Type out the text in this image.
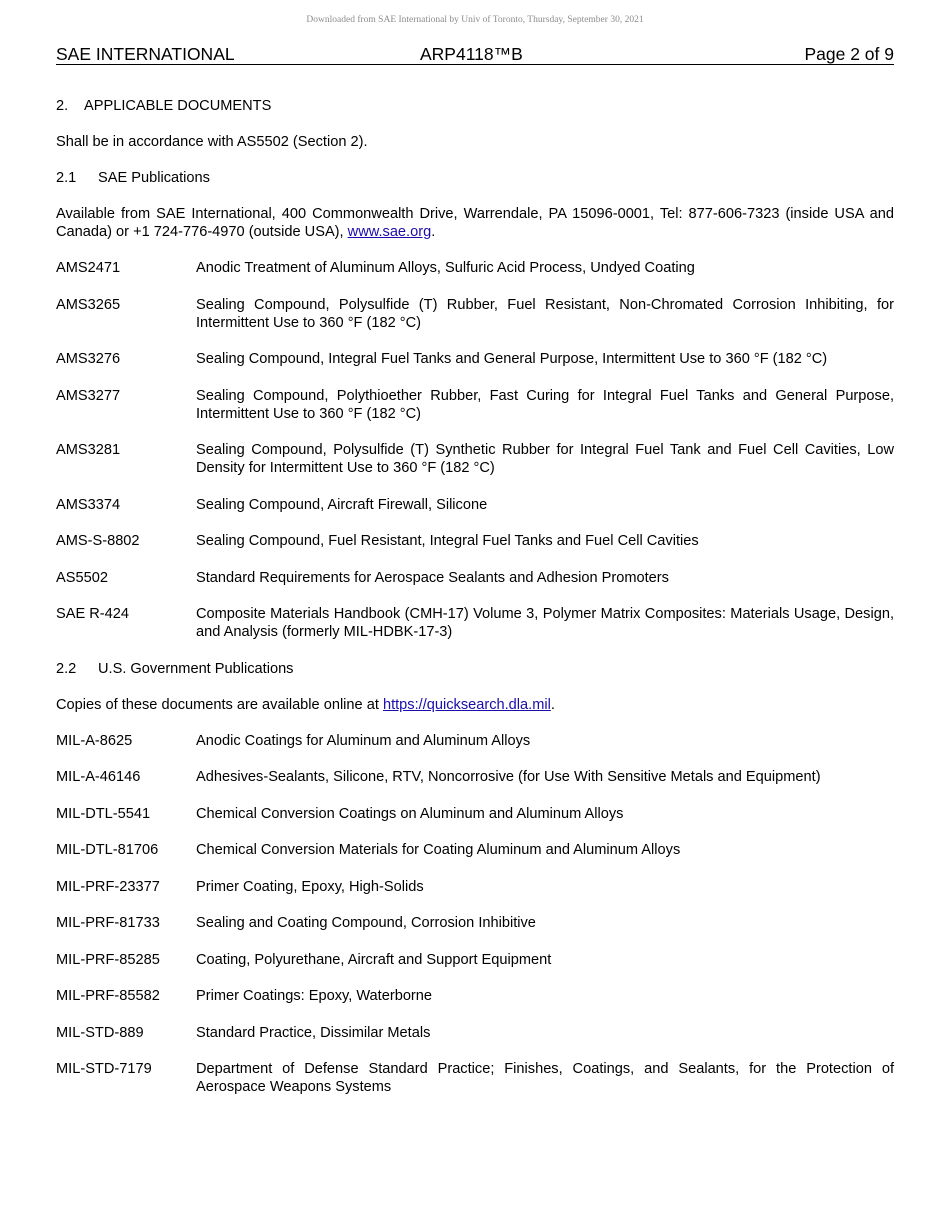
Downloaded from SAE International by Univ of Toronto, Thursday, September 30, 2021
SAE INTERNATIONAL	ARP4118™B	Page 2 of 9
2. APPLICABLE DOCUMENTS

Shall be in accordance with AS5502 (Section 2).

2.1 SAE Publications

Available from SAE International, 400 Commonwealth Drive, Warrendale, PA 15096-0001, Tel: 877-606-7323 (inside USA and Canada) or +1 724-776-4970 (outside USA), www.sae.org.

AMS2471	Anodic Treatment of Aluminum Alloys, Sulfuric Acid Process, Undyed Coating
AMS3265	Sealing Compound, Polysulfide (T) Rubber, Fuel Resistant, Non-Chromated Corrosion Inhibiting, for Intermittent Use to 360 °F (182 °C)
AMS3276	Sealing Compound, Integral Fuel Tanks and General Purpose, Intermittent Use to 360 °F (182 °C)
AMS3277	Sealing Compound, Polythioether Rubber, Fast Curing for Integral Fuel Tanks and General Purpose, Intermittent Use to 360 °F (182 °C)
AMS3281	Sealing Compound, Polysulfide (T) Synthetic Rubber for Integral Fuel Tank and Fuel Cell Cavities, Low Density for Intermittent Use to 360 °F (182 °C)
AMS3374	Sealing Compound, Aircraft Firewall, Silicone
AMS-S-8802	Sealing Compound, Fuel Resistant, Integral Fuel Tanks and Fuel Cell Cavities
AS5502	Standard Requirements for Aerospace Sealants and Adhesion Promoters
SAE R-424	Composite Materials Handbook (CMH-17) Volume 3, Polymer Matrix Composites: Materials Usage, Design, and Analysis (formerly MIL-HDBK-17-3)
2.2 U.S. Government Publications

Copies of these documents are available online at https://quicksearch.dla.mil.

MIL-A-8625	Anodic Coatings for Aluminum and Aluminum Alloys
MIL-A-46146	Adhesives-Sealants, Silicone, RTV, Noncorrosive (for Use With Sensitive Metals and Equipment)
MIL-DTL-5541	Chemical Conversion Coatings on Aluminum and Aluminum Alloys
MIL-DTL-81706	Chemical Conversion Materials for Coating Aluminum and Aluminum Alloys
MIL-PRF-23377	Primer Coating, Epoxy, High-Solids
MIL-PRF-81733	Sealing and Coating Compound, Corrosion Inhibitive
MIL-PRF-85285	Coating, Polyurethane, Aircraft and Support Equipment
MIL-PRF-85582	Primer Coatings: Epoxy, Waterborne
MIL-STD-889	Standard Practice, Dissimilar Metals
MIL-STD-7179	Department of Defense Standard Practice; Finishes, Coatings, and Sealants, for the Protection of Aerospace Weapons Systems
